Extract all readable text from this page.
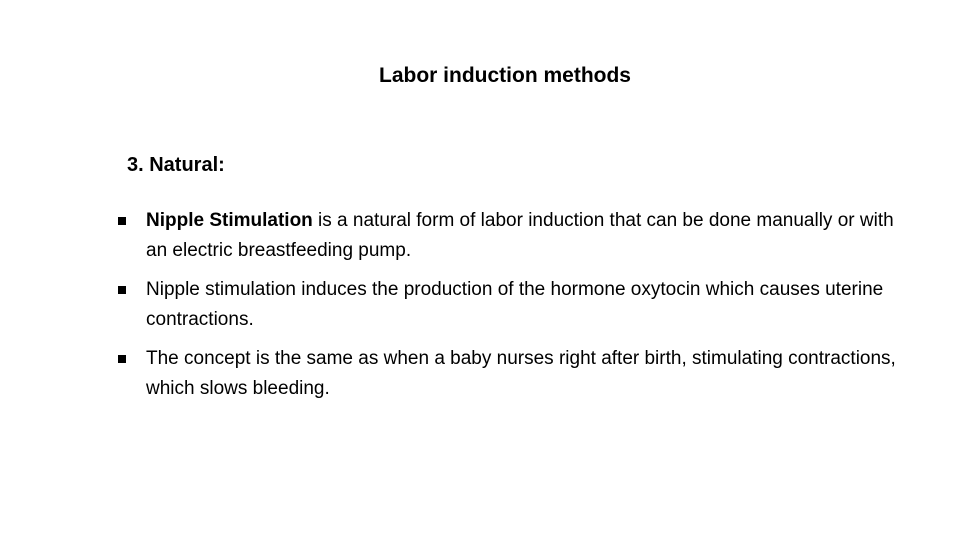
Labor induction methods
3. Natural:
Nipple Stimulation is a natural form of labor induction that can be done manually or with an electric breastfeeding pump.
Nipple stimulation induces the production of the hormone oxytocin which causes uterine contractions.
The concept is the same as when a baby nurses right after birth, stimulating contractions, which slows bleeding.
